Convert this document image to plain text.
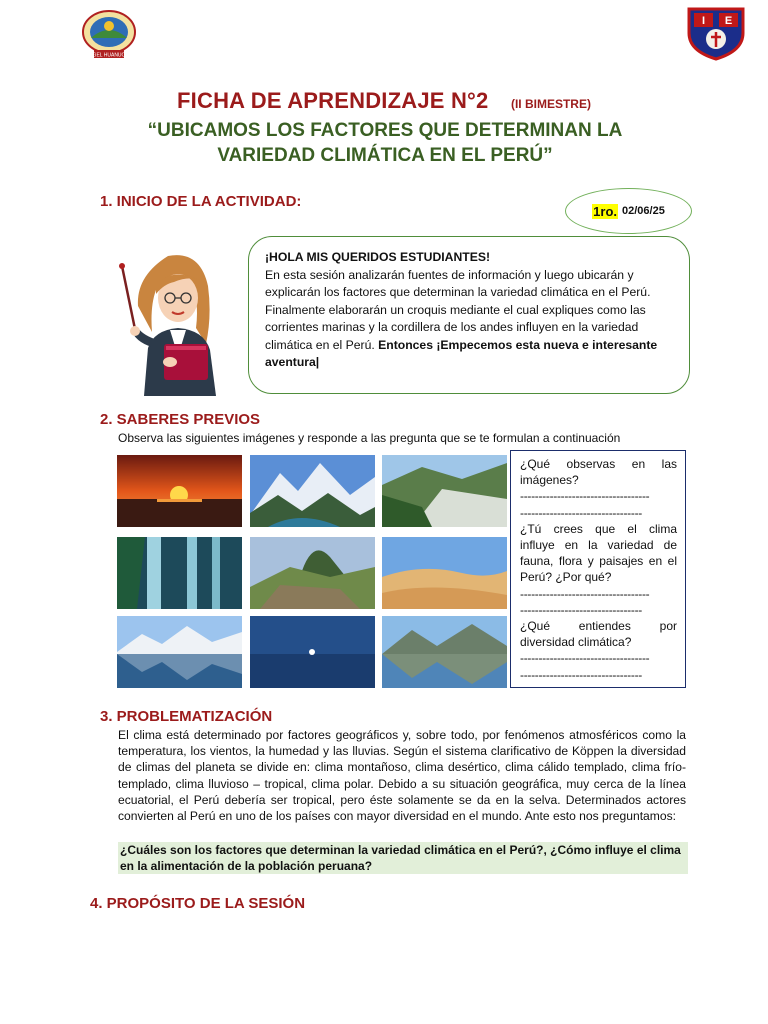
UGEL HUANUCO
I E
FICHA DE APRENDIZAJE N°2 (II BIMESTRE)
“UBICAMOS LOS FACTORES QUE DETERMINAN LA
VARIEDAD CLIMÁTICA EN EL PERÚ”
1. INICIO DE LA ACTIVIDAD:
1ro. 02/06/25
¡HOLA MIS QUERIDOS ESTUDIANTES!
En esta sesión analizarán fuentes de información y luego ubicarán y explicarán los factores que determinan la variedad climática en el Perú. Finalmente elaborarán un croquis mediante el cual expliques como las corrientes marinas y la cordillera de los andes influyen en la variedad climática en el Perú. Entonces ¡Empecemos esta nueva e interesante aventura|
2. SABERES PREVIOS
Observa las siguientes imágenes y responde a las pregunta que se te formulan a continuación

¿Qué observas en las imágenes?

-----------------------------------

---------------------------------

¿Tú crees que el clima influye en la variedad de fauna, flora y paisajes en el Perú? ¿Por qué?

-----------------------------------

---------------------------------

¿Qué entiendes por diversidad climática?

-----------------------------------

---------------------------------

3. PROBLEMATIZACIÓN
El clima está determinado por factores geográficos y, sobre todo, por fenómenos atmosféricos como la temperatura, los vientos, la humedad y las lluvias. Según el sistema clarificativo de Köppen la diversidad de climas del planeta se divide en: clima montañoso, clima desértico, clima cálido templado, clima frío-templado, clima lluvioso – tropical, clima polar. Debido a su situación geográfica, muy cerca de la línea ecuatorial, el Perú debería ser tropical, pero éste solamente se da en la selva. Determinados actores convierten al Perú en uno de los países con mayor diversidad en el mundo. Ante esto nos preguntamos:
¿Cuáles son los factores que determinan la variedad climática en el Perú?, ¿Cómo influye el clima en la alimentación de la población peruana?
4. PROPÓSITO DE LA SESIÓN
